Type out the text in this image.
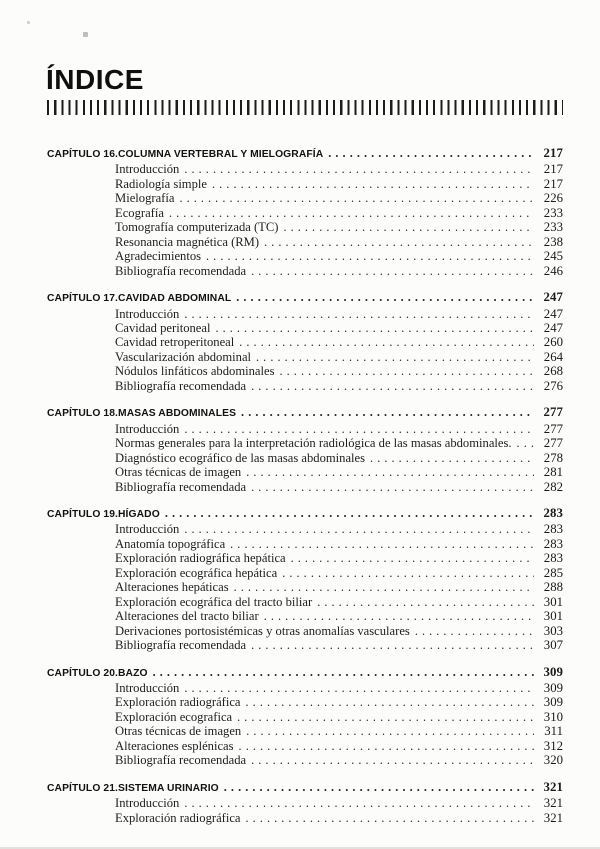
ÍNDICE
CAPÍTULO 16. COLUMNA VERTEBRAL Y MIELOGRAFÍA .....	217
Introducción .....	217
Radiología simple .....	217
Mielografía .....	226
Ecografía .....	233
Tomografía computerizada (TC) .....	233
Resonancia magnética (RM) .....	238
Agradecimientos .....	245
Bibliografía recomendada .....	246
CAPÍTULO 17. CAVIDAD ABDOMINAL .....	247
Introducción .....	247
Cavidad peritoneal .....	247
Cavidad retroperitoneal .....	260
Vascularización abdominal .....	264
Nódulos linfáticos abdominales .....	268
Bibliografía recomendada .....	276
CAPÍTULO 18. MASAS ABDOMINALES .....	277
Introducción .....	277
Normas generales para la interpretación radiológica de las masas abdominales. .....	277
Diagnóstico ecográfico de las masas abdominales .....	278
Otras técnicas de imagen .....	281
Bibliografía recomendada .....	282
CAPÍTULO 19. HÍGADO .....	283
Introducción .....	283
Anatomía topográfica .....	283
Exploración radiográfica hepática .....	283
Exploración ecográfica hepática .....	285
Alteraciones hepáticas .....	288
Exploración ecográfica del tracto biliar .....	301
Alteraciones del tracto biliar .....	301
Derivaciones portosistémicas y otras anomalías vasculares .....	303
Bibliografía recomendada .....	307
CAPÍTULO 20. BAZO .....	309
Introducción .....	309
Exploración radiográfica .....	309
Exploración ecografica .....	310
Otras técnicas de imagen .....	311
Alteraciones esplénicas .....	312
Bibliografía recomendada .....	320
CAPÍTULO 21. SISTEMA URINARIO .....	321
Introducción .....	321
Exploración radiográfica .....	321
